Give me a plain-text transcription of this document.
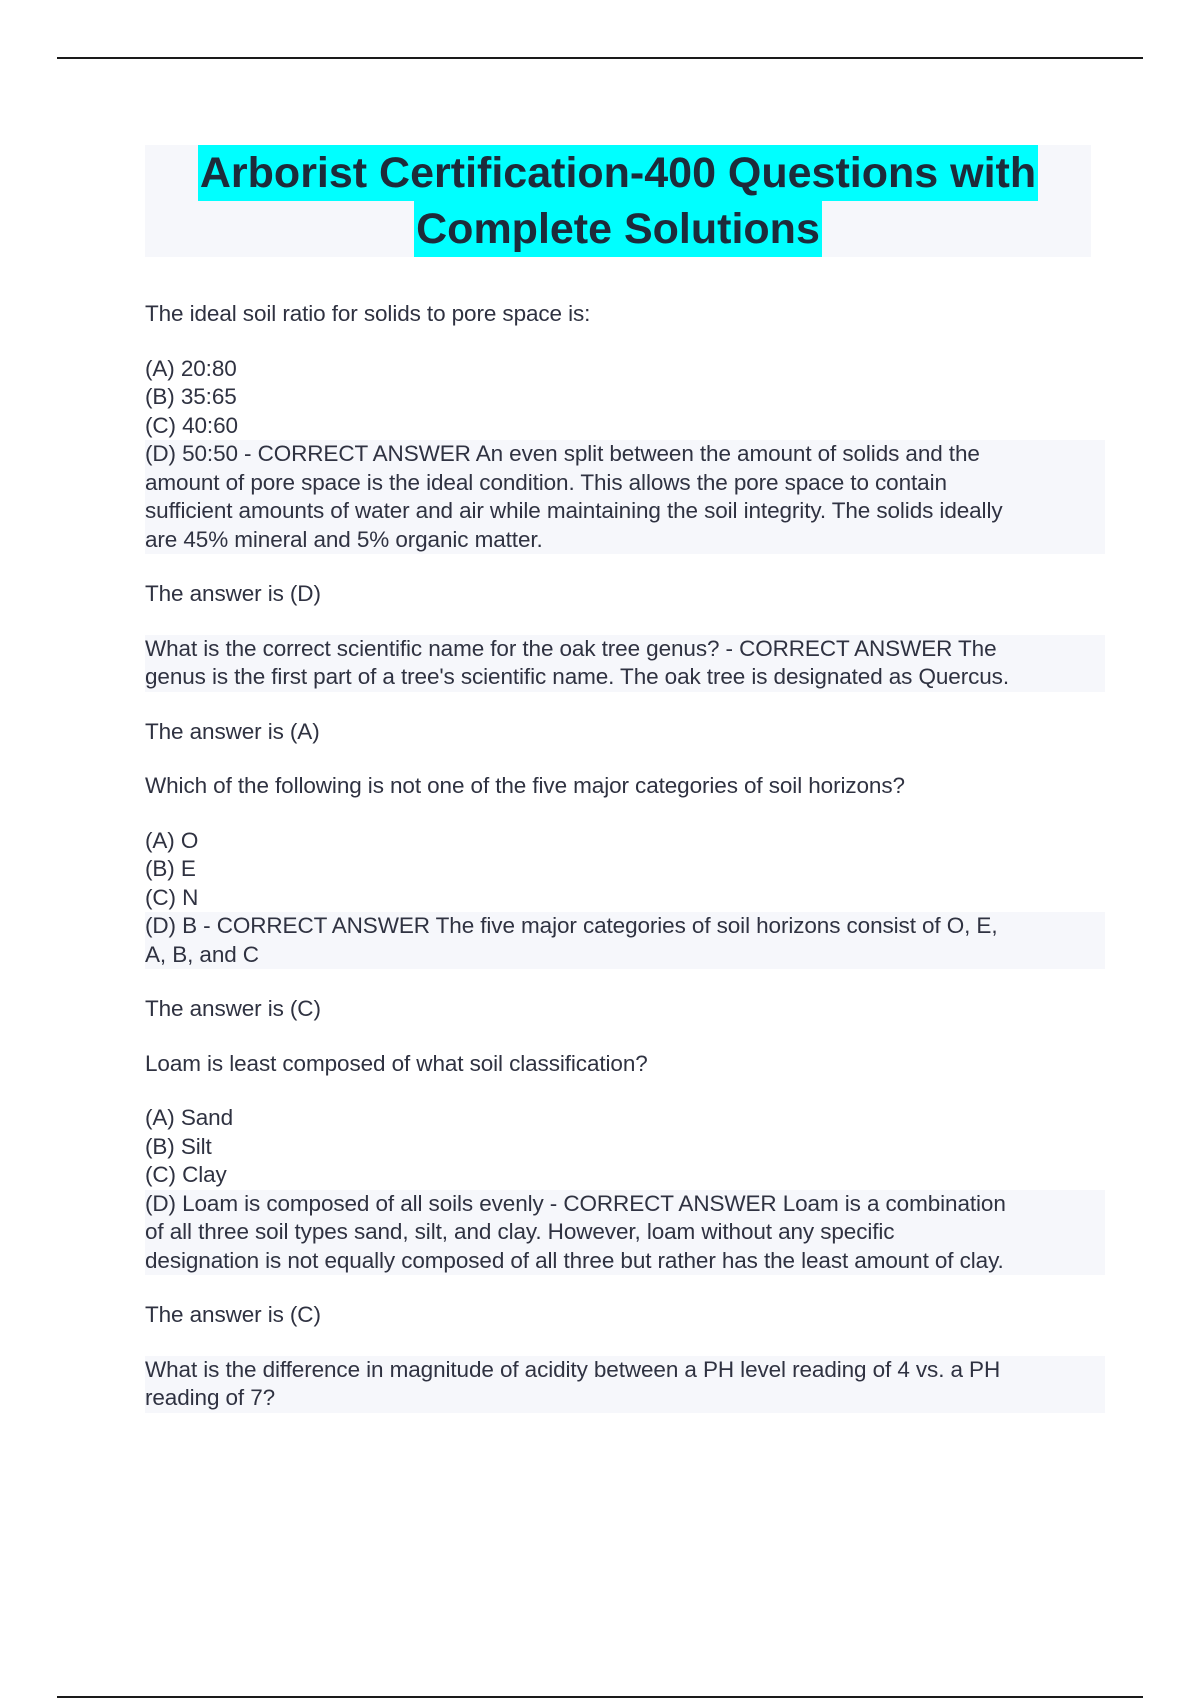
Arborist Certification-400 Questions with
Complete Solutions
The ideal soil ratio for solids to pore space is:
(A) 20:80
(B) 35:65
(C) 40:60
(D) 50:50 - CORRECT ANSWER An even split between the amount of solids and the
amount of pore space is the ideal condition. This allows the pore space to contain
sufficient amounts of water and air while maintaining the soil integrity. The solids ideally
are 45% mineral and 5% organic matter.
The answer is (D)
What is the correct scientific name for the oak tree genus? - CORRECT ANSWER The
genus is the first part of a tree's scientific name. The oak tree is designated as Quercus.
The answer is (A)
Which of the following is not one of the five major categories of soil horizons?
(A) O
(B) E
(C) N
(D) B - CORRECT ANSWER The five major categories of soil horizons consist of O, E,
A, B, and C
The answer is (C)
Loam is least composed of what soil classification?
(A) Sand
(B) Silt
(C) Clay
(D) Loam is composed of all soils evenly - CORRECT ANSWER Loam is a combination
of all three soil types sand, silt, and clay. However, loam without any specific
designation is not equally composed of all three but rather has the least amount of clay.
The answer is (C)
What is the difference in magnitude of acidity between a PH level reading of 4 vs. a PH
reading of 7?
